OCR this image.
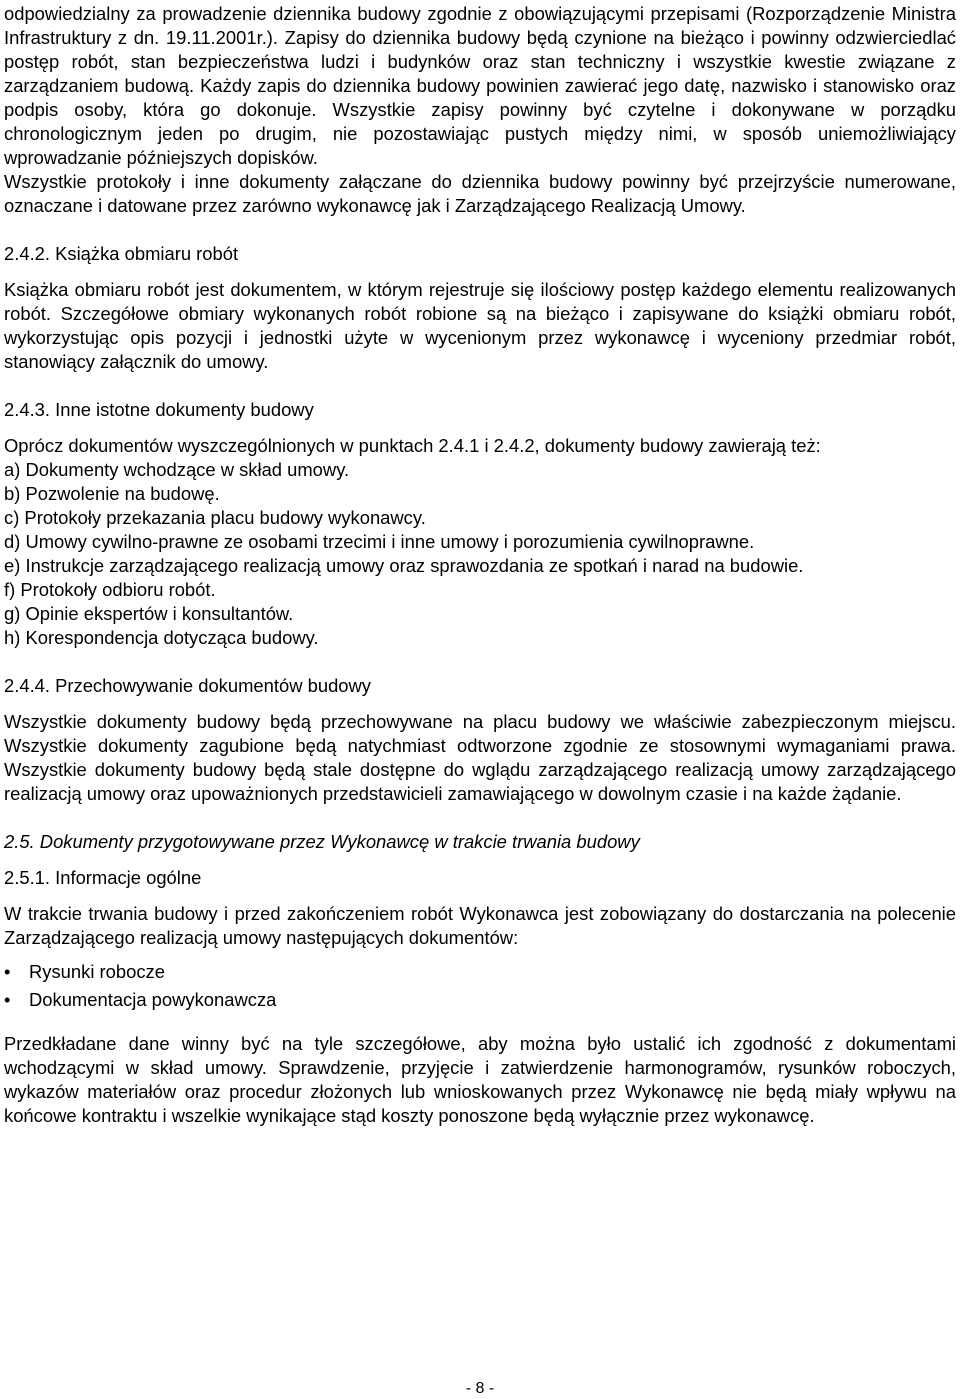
odpowiedzialny za prowadzenie dziennika budowy zgodnie z obowiązującymi przepisami (Rozporządzenie Ministra Infrastruktury z dn. 19.11.2001r.). Zapisy do dziennika budowy będą czynione na bieżąco i powinny odzwierciedlać postęp robót, stan bezpieczeństwa ludzi i budynków oraz stan techniczny i wszystkie kwestie związane z zarządzaniem budową. Każdy zapis do dziennika budowy powinien zawierać jego datę, nazwisko i stanowisko oraz podpis osoby, która go dokonuje. Wszystkie zapisy powinny być czytelne i dokonywane w porządku chronologicznym jeden po drugim, nie pozostawiając pustych między nimi, w sposób uniemożliwiający wprowadzanie późniejszych dopisków.

Wszystkie protokoły i inne dokumenty załączane do dziennika budowy powinny być przejrzyście numerowane, oznaczane i datowane przez zarówno wykonawcę jak i Zarządzającego Realizacją Umowy.

2.4.2. Książka obmiaru robót

Książka obmiaru robót jest dokumentem, w którym rejestruje się ilościowy postęp każdego elementu realizowanych robót. Szczegółowe obmiary wykonanych robót robione są na bieżąco i zapisywane do książki obmiaru robót, wykorzystując opis pozycji i jednostki użyte w wycenionym przez wykonawcę i wyceniony przedmiar robót, stanowiący załącznik do umowy.

2.4.3. Inne istotne dokumenty budowy

Oprócz dokumentów wyszczególnionych w punktach 2.4.1 i 2.4.2, dokumenty budowy zawierają też:

a) Dokumenty wchodzące w skład umowy.
b) Pozwolenie na budowę.
c) Protokoły przekazania placu budowy wykonawcy.
d) Umowy cywilno-prawne ze osobami trzecimi i inne umowy i porozumienia cywilnoprawne.
e) Instrukcje zarządzającego realizacją umowy oraz sprawozdania ze spotkań i narad na budowie.
f) Protokoły odbioru robót.
g) Opinie ekspertów i konsultantów.
h) Korespondencja dotycząca budowy.

2.4.4. Przechowywanie dokumentów budowy

Wszystkie dokumenty budowy będą przechowywane na placu budowy we właściwie zabezpieczonym miejscu. Wszystkie dokumenty zagubione będą natychmiast odtworzone zgodnie ze stosownymi wymaganiami prawa. Wszystkie dokumenty budowy będą stale dostępne do wglądu zarządzającego realizacją umowy zarządzającego realizacją umowy oraz upoważnionych przedstawicieli zamawiającego w dowolnym czasie i na każde żądanie.

2.5. Dokumenty przygotowywane przez Wykonawcę w trakcie trwania budowy

2.5.1. Informacje ogólne

W trakcie trwania budowy i przed zakończeniem robót Wykonawca jest zobowiązany do dostarczania na polecenie Zarządzającego realizacją umowy następujących dokumentów:

• Rysunki robocze
• Dokumentacja powykonawcza

Przedkładane dane winny być na tyle szczegółowe, aby można było ustalić ich zgodność z dokumentami wchodzącymi w skład umowy. Sprawdzenie, przyjęcie i zatwierdzenie harmonogramów, rysunków roboczych, wykazów materiałów oraz procedur złożonych lub wnioskowanych przez Wykonawcę nie będą miały wpływu na końcowe kontraktu i wszelkie wynikające stąd koszty ponoszone będą wyłącznie przez wykonawcę.

- 8 -
